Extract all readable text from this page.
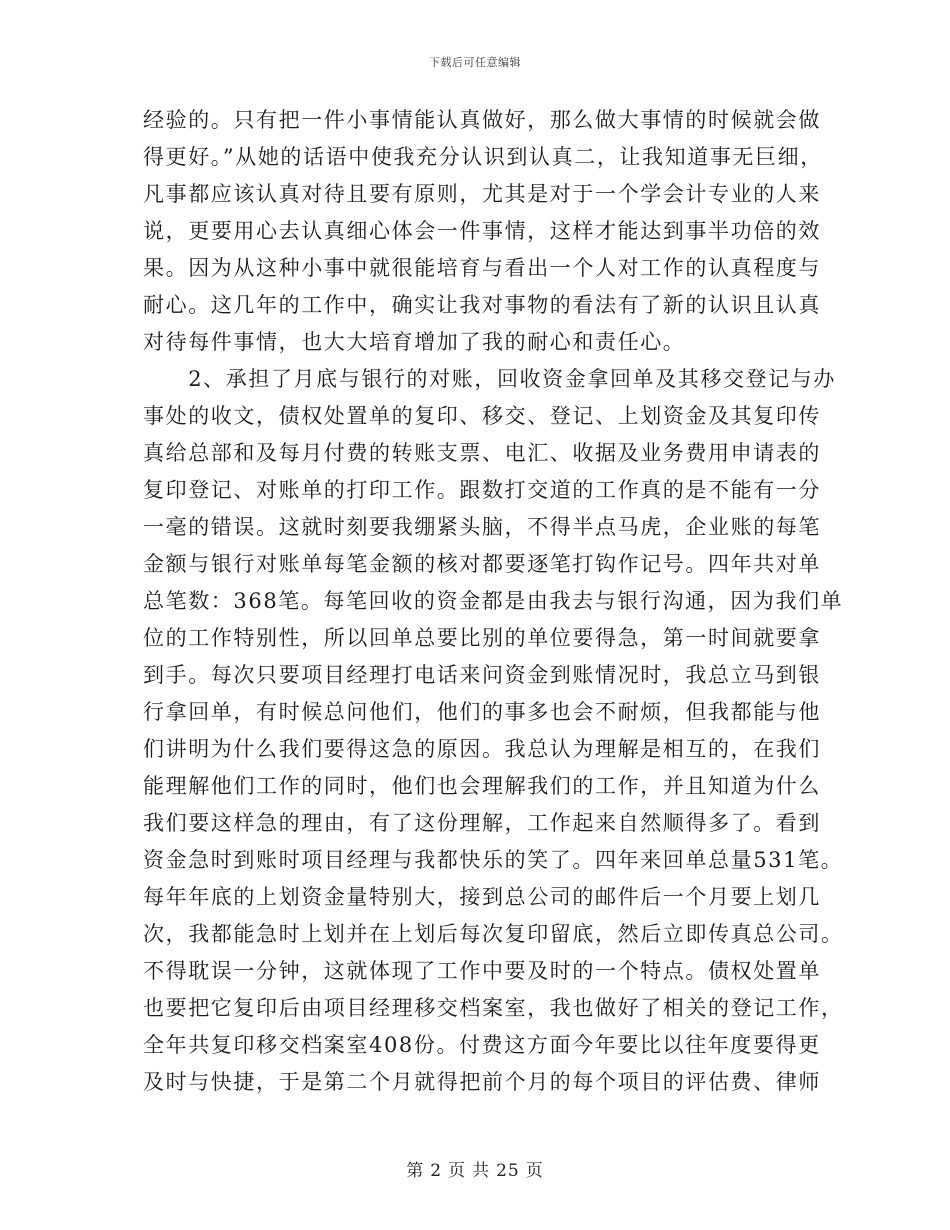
下载后可任意编辑
经验的。只有把一件小事情能认真做好，那么做大事情的时候就会做
得更好。”从她的话语中使我充分认识到认真二，让我知道事无巨细，
凡事都应该认真对待且要有原则，尤其是对于一个学会计专业的人来
说，更要用心去认真细心体会一件事情，这样才能达到事半功倍的效
果。因为从这种小事中就很能培育与看出一个人对工作的认真程度与
耐心。这几年的工作中，确实让我对事物的看法有了新的认识且认真
对待每件事情，也大大培育增加了我的耐心和责任心。
　　2、承担了月底与银行的对账，回收资金拿回单及其移交登记与办
事处的收文，债权处置单的复印、移交、登记、上划资金及其复印传
真给总部和及每月付费的转账支票、电汇、收据及业务费用申请表的
复印登记、对账单的打印工作。跟数打交道的工作真的是不能有一分
一毫的错误。这就时刻要我绷紧头脑，不得半点马虎，企业账的每笔
金额与银行对账单每笔金额的核对都要逐笔打钩作记号。四年共对单
总笔数：368笔。每笔回收的资金都是由我去与银行沟通，因为我们单
位的工作特别性，所以回单总要比别的单位要得急，第一时间就要拿
到手。每次只要项目经理打电话来问资金到账情况时，我总立马到银
行拿回单，有时候总问他们，他们的事多也会不耐烦，但我都能与他
们讲明为什么我们要得这急的原因。我总认为理解是相互的，在我们
能理解他们工作的同时，他们也会理解我们的工作，并且知道为什么
我们要这样急的理由，有了这份理解，工作起来自然顺得多了。看到
资金急时到账时项目经理与我都快乐的笑了。四年来回单总量531笔。
每年年底的上划资金量特别大，接到总公司的邮件后一个月要上划几
次，我都能急时上划并在上划后每次复印留底，然后立即传真总公司。
不得耽误一分钟，这就体现了工作中要及时的一个特点。债权处置单
也要把它复印后由项目经理移交档案室，我也做好了相关的登记工作，
全年共复印移交档案室408份。付费这方面今年要比以往年度要得更
及时与快捷，于是第二个月就得把前个月的每个项目的评估费、律师
第 2 页 共 25 页
